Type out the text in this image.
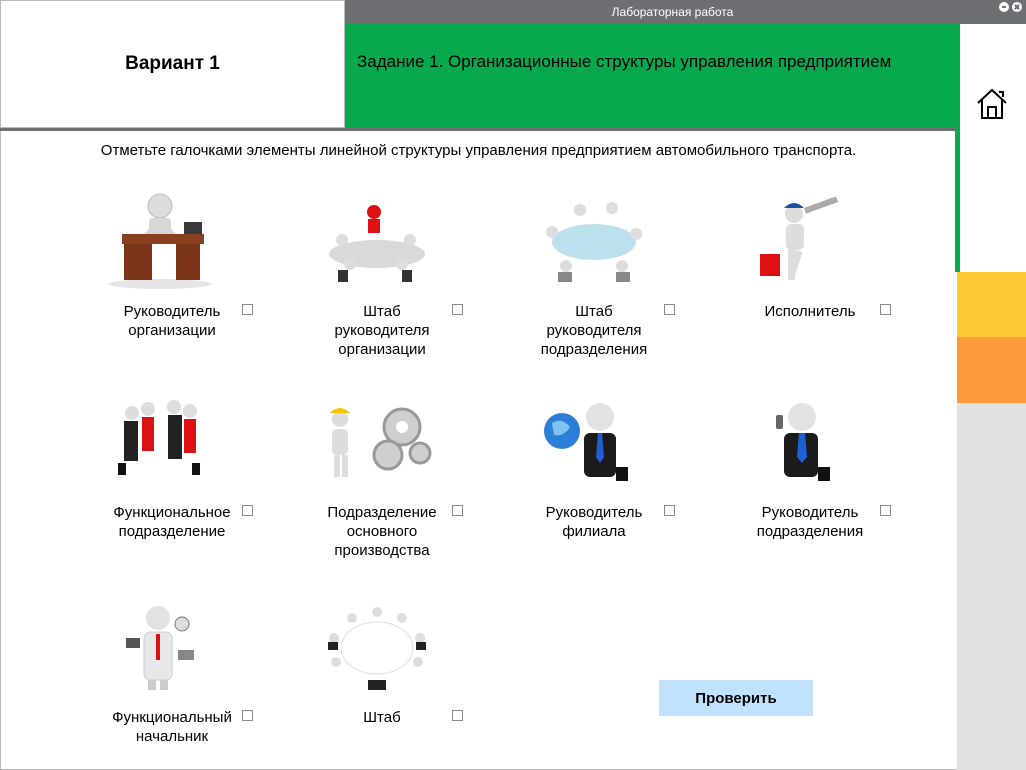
Лабораторная работа
Задание 1. Организационные структуры управления предприятием
Вариант 1
Отметьте галочками элементы линейной структуры управления предприятием автомобильного транспорта.
Руководитель
организации
Штаб
руководителя
организации
Штаб
руководителя
подразделения
Исполнитель
Функциональное
подразделение
Подразделение
основного
производства
Руководитель
филиала
Руководитель
подразделения
Функциональный
начальник
Штаб
Проверить
